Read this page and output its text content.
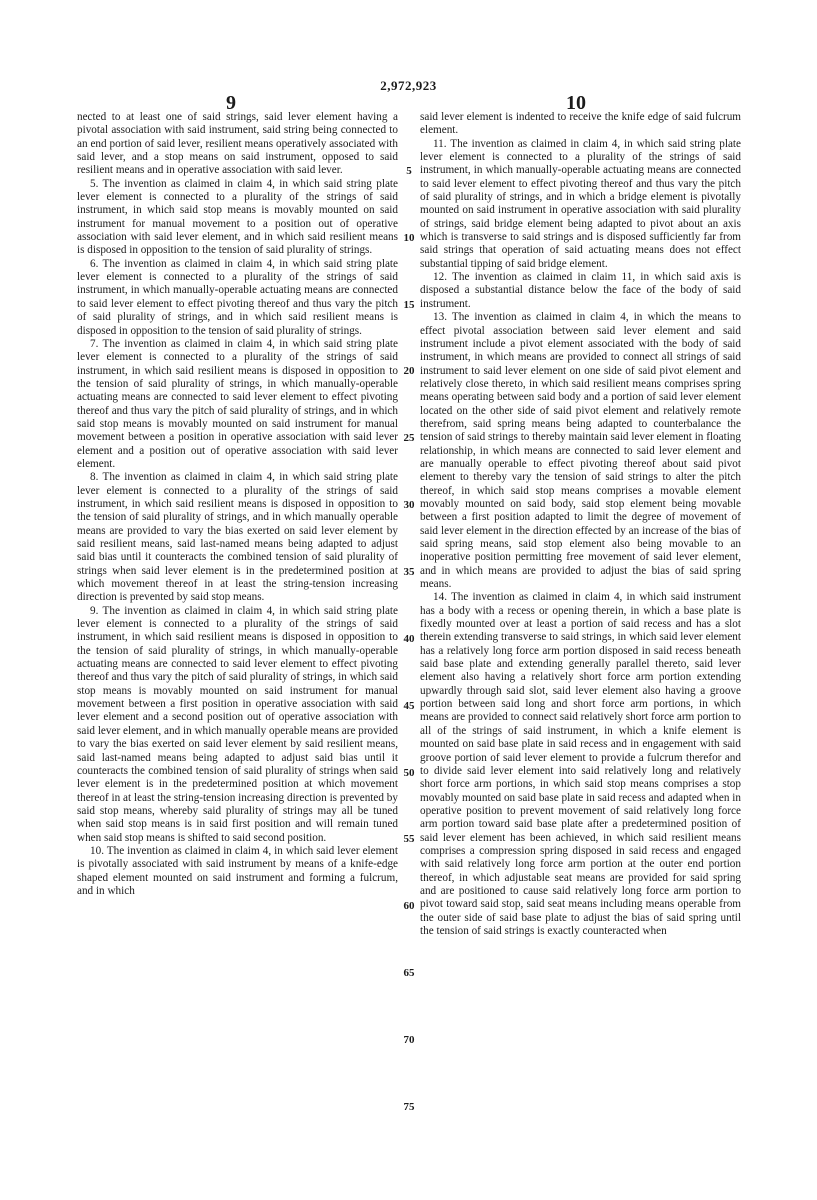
2,972,923
9	10

nected to at least one of said strings, said lever element having a pivotal association with said instrument, said string being connected to an end portion of said lever, resilient means operatively associated with said lever, and a stop means on said instrument, opposed to said resilient means and in operative association with said lever.

5. The invention as claimed in claim 4, in which said string plate lever element is connected to a plurality of the strings of said instrument, in which said stop means is movably mounted on said instrument for manual movement to a position out of operative association with said lever element, and in which said resilient means is disposed in opposition to the tension of said plurality of strings.

6. The invention as claimed in claim 4, in which said string plate lever element is connected to a plurality of the strings of said instrument, in which manually-operable actuating means are connected to said lever element to effect pivoting thereof and thus vary the pitch of said plurality of strings, and in which said resilient means is disposed in opposition to the tension of said plurality of strings.

7. The invention as claimed in claim 4, in which said string plate lever element is connected to a plurality of the strings of said instrument, in which said resilient means is disposed in opposition to the tension of said plurality of strings, in which manually-operable actuating means are connected to said lever element to effect pivoting thereof and thus vary the pitch of said plurality of strings, and in which said stop means is movably mounted on said instrument for manual movement between a position in operative association with said lever element and a position out of operative association with said lever element.

8. The invention as claimed in claim 4, in which said string plate lever element is connected to a plurality of the strings of said instrument, in which said resilient means is disposed in opposition to the tension of said plurality of strings, and in which manually operable means are provided to vary the bias exerted on said lever element by said resilient means, said last-named means being adapted to adjust said bias until it counteracts the combined tension of said plurality of strings when said lever element is in the predetermined position at which movement thereof in at least the string-tension increasing direction is prevented by said stop means.

9. The invention as claimed in claim 4, in which said string plate lever element is connected to a plurality of the strings of said instrument, in which said resilient means is disposed in opposition to the tension of said plurality of strings, in which manually-operable actuating means are connected to said lever element to effect pivoting thereof and thus vary the pitch of said plurality of strings, in which said stop means is movably mounted on said instrument for manual movement between a first position in operative association with said lever element and a second position out of operative association with said lever element, and in which manually operable means are provided to vary the bias exerted on said lever element by said resilient means, said last-named means being adapted to adjust said bias until it counteracts the combined tension of said plurality of strings when said lever element is in the predetermined position at which movement thereof in at least the string-tension increasing direction is prevented by said stop means, whereby said plurality of strings may all be tuned when said stop means is in said first position and will remain tuned when said stop means is shifted to said second position.

10. The invention as claimed in claim 4, in which said lever element is pivotally associated with said instrument by means of a knife-edge shaped element mounted on said instrument and forming a fulcrum, and in which

5
10
15
20
25
30
35
40
45
50
55
60
65
70
75

said lever element is indented to receive the knife edge of said fulcrum element.

11. The invention as claimed in claim 4, in which said string plate lever element is connected to a plurality of the strings of said instrument, in which manually-operable actuating means are connected to said lever element to effect pivoting thereof and thus vary the pitch of said plurality of strings, and in which a bridge element is pivotally mounted on said instrument in operative association with said plurality of strings, said bridge element being adapted to pivot about an axis which is transverse to said strings and is disposed sufficiently far from said strings that operation of said actuating means does not effect substantial tipping of said bridge element.

12. The invention as claimed in claim 11, in which said axis is disposed a substantial distance below the face of the body of said instrument.

13. The invention as claimed in claim 4, in which the means to effect pivotal association between said lever element and said instrument include a pivot element associated with the body of said instrument, in which means are provided to connect all strings of said instrument to said lever element on one side of said pivot element and relatively close thereto, in which said resilient means comprises spring means operating between said body and a portion of said lever element located on the other side of said pivot element and relatively remote therefrom, said spring means being adapted to counterbalance the tension of said strings to thereby maintain said lever element in floating relationship, in which means are connected to said lever element and are manually operable to effect pivoting thereof about said pivot element to thereby vary the tension of said strings to alter the pitch thereof, in which said stop means comprises a movable element movably mounted on said body, said stop element being movable between a first position adapted to limit the degree of movement of said lever element in the direction effected by an increase of the bias of said spring means, said stop element also being movable to an inoperative position permitting free movement of said lever element, and in which means are provided to adjust the bias of said spring means.

14. The invention as claimed in claim 4, in which said instrument has a body with a recess or opening therein, in which a base plate is fixedly mounted over at least a portion of said recess and has a slot therein extending transverse to said strings, in which said lever element has a relatively long force arm portion disposed in said recess beneath said base plate and extending generally parallel thereto, said lever element also having a relatively short force arm portion extending upwardly through said slot, said lever element also having a groove portion between said long and short force arm portions, in which means are provided to connect said relatively short force arm portion to all of the strings of said instrument, in which a knife element is mounted on said base plate in said recess and in engagement with said groove portion of said lever element to provide a fulcrum therefor and to divide said lever element into said relatively long and relatively short force arm portions, in which said stop means comprises a stop movably mounted on said base plate in said recess and adapted when in operative position to prevent movement of said relatively long force arm portion toward said base plate after a predetermined position of said lever element has been achieved, in which said resilient means comprises a compression spring disposed in said recess and engaged with said relatively long force arm portion at the outer end portion thereof, in which adjustable seat means are provided for said spring and are positioned to cause said relatively long force arm portion to pivot toward said stop, said seat means including means operable from the outer side of said base plate to adjust the bias of said spring until the tension of said strings is exactly counteracted when
